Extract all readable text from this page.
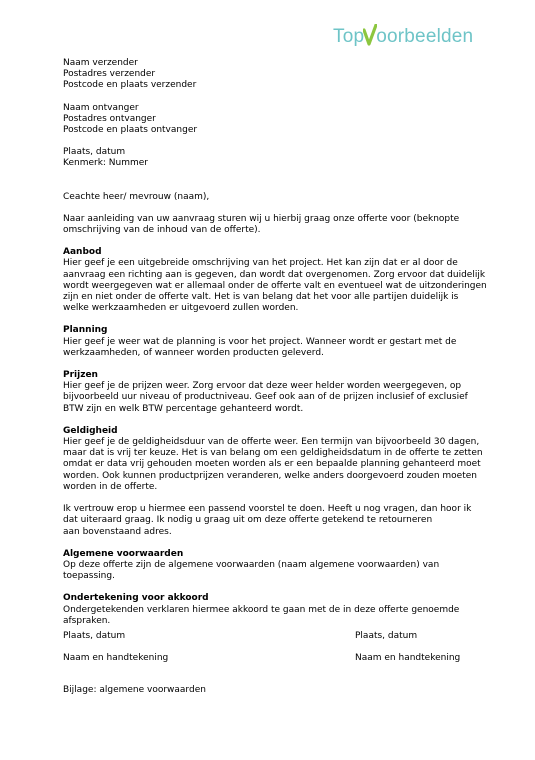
Top oorbeelden
Naam verzender
Postadres verzender
Postcode en plaats verzender
Naam ontvanger
Postadres ontvanger
Postcode en plaats ontvanger
Plaats, datum
Kenmerk: Nummer
Ceachte heer/ mevrouw (naam),
Naar aanleiding van uw aanvraag sturen wij u hierbij graag onze offerte voor (beknopte
omschrijving van de inhoud van de offerte).
Aanbod
Hier geef je een uitgebreide omschrijving van het project. Het kan zijn dat er al door de
aanvraag een richting aan is gegeven, dan wordt dat overgenomen. Zorg ervoor dat duidelijk
wordt weergegeven wat er allemaal onder de offerte valt en eventueel wat de uitzonderingen
zijn en niet onder de offerte valt. Het is van belang dat het voor alle partijen duidelijk is
welke werkzaamheden er uitgevoerd zullen worden.
Planning
Hier geef je weer wat de planning is voor het project. Wanneer wordt er gestart met de
werkzaamheden, of wanneer worden producten geleverd.
Prijzen
Hier geef je de prijzen weer. Zorg ervoor dat deze weer helder worden weergegeven, op
bijvoorbeeld uur niveau of productniveau. Geef ook aan of de prijzen inclusief of exclusief
BTW zijn en welk BTW percentage gehanteerd wordt.
Geldigheid
Hier geef je de geldigheidsduur van de offerte weer. Een termijn van bijvoorbeeld 30 dagen,
maar dat is vrij ter keuze. Het is van belang om een geldigheidsdatum in de offerte te zetten
omdat er data vrij gehouden moeten worden als er een bepaalde planning gehanteerd moet
worden. Ook kunnen productprijzen veranderen, welke anders doorgevoerd zouden moeten
worden in de offerte.
Ik vertrouw erop u hiermee een passend voorstel te doen. Heeft u nog vragen, dan hoor ik
dat uiteraard graag. Ik nodig u graag uit om deze offerte getekend te retourneren
aan bovenstaand adres.
Algemene voorwaarden
Op deze offerte zijn de algemene voorwaarden (naam algemene voorwaarden) van
toepassing.
Ondertekening voor akkoord
Ondergetekenden verklaren hiermee akkoord te gaan met de in deze offerte genoemde
afspraken.
Plaats, datum	Plaats, datum
Naam en handtekening	Naam en handtekening
Bijlage: algemene voorwaarden
